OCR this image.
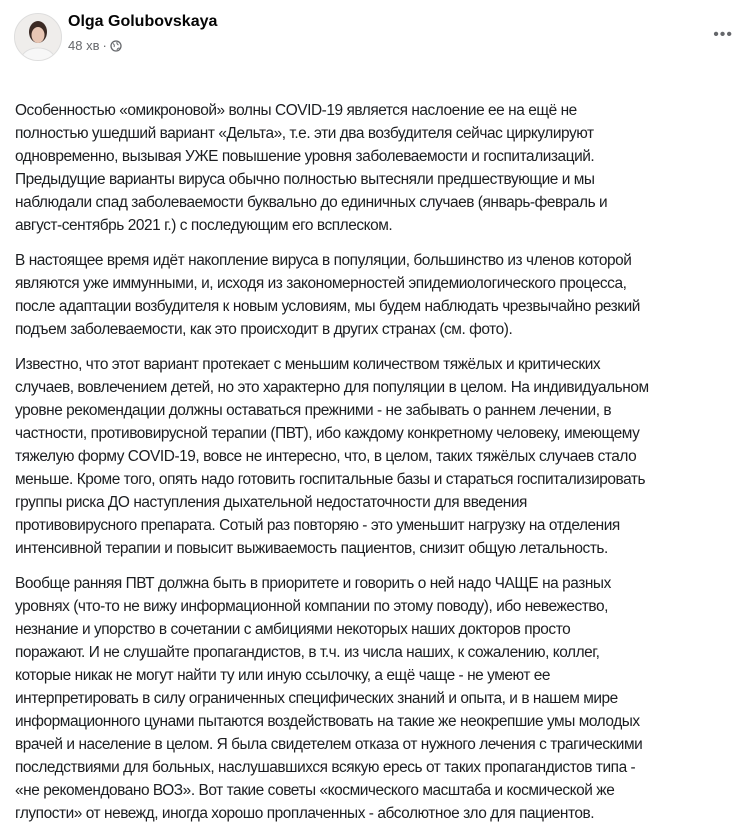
Olga Golubovskaya
48 хв ·
•••
Особенностью «омикроновой» волны COVID-19 является наслоение ее на ещё не
полностью ушедший вариант «Дельта», т.е. эти два возбудителя сейчас циркулируют
одновременно, вызывая УЖЕ повышение уровня заболеваемости и госпитализаций.
Предыдущие варианты вируса обычно полностью вытесняли предшествующие и мы
наблюдали спад заболеваемости буквально до единичных случаев (январь-февраль и
август-сентябрь 2021 г.) с последующим его всплеском.
В настоящее время идёт накопление вируса в популяции, большинство из членов которой
являются уже иммунными, и, исходя из закономерностей эпидемиологического процесса,
после адаптации возбудителя к новым условиям, мы будем наблюдать чрезвычайно резкий
подъем заболеваемости, как это происходит в других странах (см. фото).
Известно, что этот вариант протекает с меньшим количеством тяжёлых и критических
случаев, вовлечением детей, но это характерно для популяции в целом. На индивидуальном
уровне рекомендации должны оставаться прежними - не забывать о раннем лечении, в
частности, противовирусной терапии (ПВТ), ибо каждому конкретному человеку, имеющему
тяжелую форму COVID-19, вовсе не интересно, что, в целом, таких тяжёлых случаев стало
меньше. Кроме того, опять надо готовить госпитальные базы и стараться госпитализировать
группы риска ДО наступления дыхательной недостаточности для введения
противовирусного препарата. Сотый раз повторяю - это уменьшит нагрузку на отделения
интенсивной терапии и повысит выживаемость пациентов, снизит общую летальность.
Вообще ранняя ПВТ должна быть в приоритете и говорить о ней надо ЧАЩЕ на разных
уровнях (что-то не вижу информационной компании по этому поводу), ибо невежество,
незнание и упорство в сочетании с амбициями некоторых наших докторов просто
поражают. И не слушайте пропагандистов, в т.ч. из числа наших, к сожалению, коллег,
которые никак не могут найти ту или иную ссылочку, а ещё чаще - не умеют ее
интерпретировать в силу ограниченных специфических знаний и опыта, и в нашем мире
информационного цунами пытаются воздействовать на такие же неокрепшие умы молодых
врачей и население в целом. Я была свидетелем отказа от нужного лечения с трагическими
последствиями для больных, наслушавшихся всякую ересь от таких пропагандистов типа -
«не рекомендовано ВОЗ». Вот такие советы «космического масштаба и космической же
глупости» от невежд, иногда хорошо проплаченных - абсолютное зло для пациентов.
